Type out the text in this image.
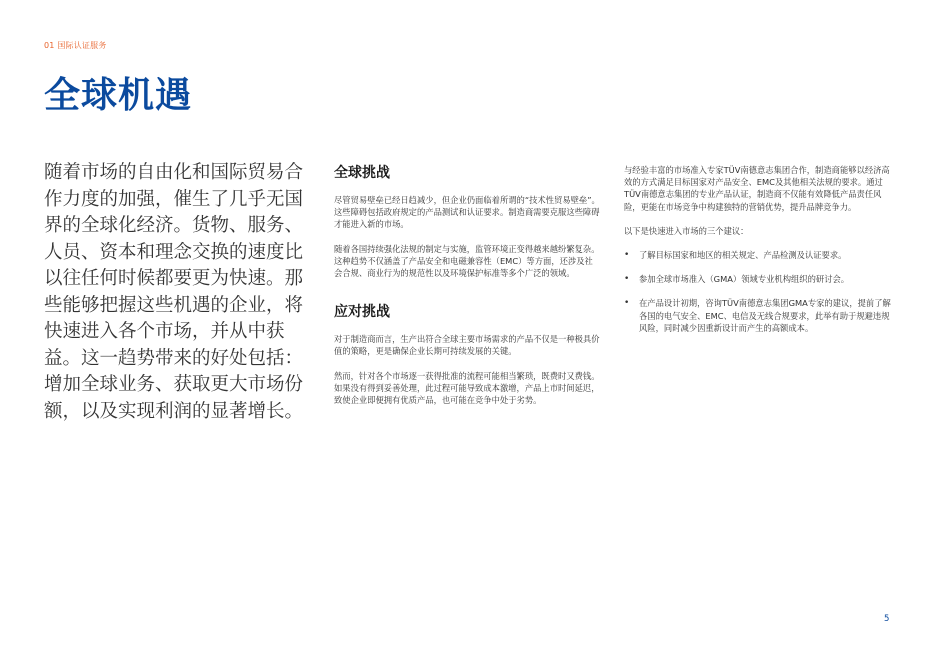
01 国际认证服务
全球机遇
随着市场的自由化和国际贸易合作力度的加强，催生了几乎无国界的全球化经济。货物、服务、人员、资本和理念交换的速度比以往任何时候都要更为快速。那些能够把握这些机遇的企业，将快速进入各个市场，并从中获益。这一趋势带来的好处包括：增加全球业务、获取更大市场份额，以及实现利润的显著增长。
全球挑战

尽管贸易壁垒已经日趋减少，但企业仍面临着所谓的“技术性贸易壁垒”。这些障碍包括政府规定的产品测试和认证要求。制造商需要克服这些障碍才能进入新的市场。

随着各国持续强化法规的制定与实施，监管环境正变得越来越纷繁复杂。这种趋势不仅涵盖了产品安全和电磁兼容性（EMC）等方面，还涉及社会合规、商业行为的规范性以及环境保护标准等多个广泛的领域。

应对挑战

对于制造商而言，生产出符合全球主要市场需求的产品不仅是一种极具价值的策略，更是确保企业长期可持续发展的关键。

然而，针对各个市场逐一获得批准的流程可能相当繁琐，既费时又费钱。如果没有得到妥善处理，此过程可能导致成本激增，产品上市时间延迟，致使企业即便拥有优质产品，也可能在竞争中处于劣势。

与经验丰富的市场准入专家TÜV南德意志集团合作，制造商能够以经济高效的方式满足目标国家对产品安全、EMC及其他相关法规的要求。通过TÜV南德意志集团的专业产品认证，制造商不仅能有效降低产品责任风险，更能在市场竞争中构建独特的营销优势，提升品牌竞争力。

以下是快速进入市场的三个建议：

• 了解目标国家和地区的相关规定、产品检测及认证要求。
• 参加全球市场准入（GMA）领域专业机构组织的研讨会。
• 在产品设计初期，咨询TÜV南德意志集团GMA专家的建议，提前了解各国的电气安全、EMC、电信及无线合规要求，此举有助于规避违规风险，同时减少因重新设计而产生的高额成本。
5
